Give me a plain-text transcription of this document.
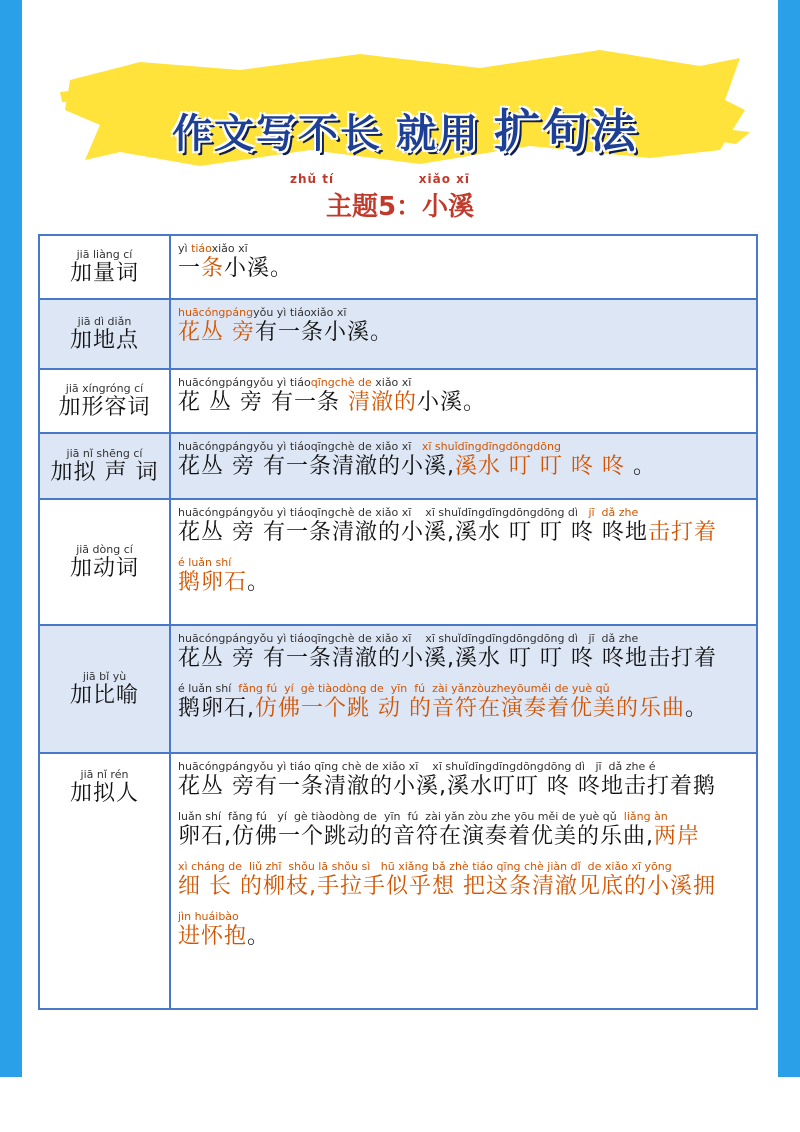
作文写不长 就用 扩句法
zhǔ tí	xiǎo xī
主题5：小溪
jiā liàng cí
加量词
yì tiáoxiǎo xī
一条小溪。
jiā dì diǎn
加地点
huācóngpángyǒu yì tiáoxiǎo xī
花丛 旁有一条小溪。
jiā xíngróng cí
加形容词
huācóngpángyǒu yì tiáoqīngchè de xiǎo xī
花 丛 旁 有一条 清澈的小溪。
jiā nǐ shēng cí
加拟 声 词
huācóngpángyǒu yì tiáoqīngchè de xiǎo xī   xī shuǐdīngdīngdōngdōng
花丛 旁 有一条清澈的小溪,溪水 叮 叮 咚 咚 。
jiā dòng cí
加动词
huācóngpángyǒu yì tiáoqīngchè de xiǎo xī    xī shuǐdīngdīngdōngdōng dì   jī  dǎ zhe
花丛 旁 有一条清澈的小溪,溪水 叮 叮 咚 咚地击打着
é luǎn shí
鹅卵石。
jiā bǐ yù
加比喻
huācóngpángyǒu yì tiáoqīngchè de xiǎo xī    xī shuǐdīngdīngdōngdōng dì   jī  dǎ zhe
花丛 旁 有一条清澈的小溪,溪水 叮 叮 咚 咚地击打着
é luǎn shí  fǎng fú  yí  gè tiàodòng de  yīn  fú  zài yǎnzòuzheyōuměi de yuè qǔ
鹅卵石,仿佛一个跳 动 的音符在演奏着优美的乐曲。
jiā nǐ rén
加拟人
huācóngpángyǒu yì tiáo qīng chè de xiǎo xī    xī shuǐdīngdīngdōngdōng dì   jī  dǎ zhe é
花丛 旁有一条清澈的小溪,溪水叮叮 咚 咚地击打着鹅
luǎn shí  fǎng fú   yí  gè tiàodòng de  yīn  fú  zài yǎn zòu zhe yōu měi de yuè qǔ  liǎng àn
卵石,仿佛一个跳动的音符在演奏着优美的乐曲,两岸
xì cháng de  liǔ zhī  shǒu lā shǒu sì   hū xiǎng bǎ zhè tiáo qīng chè jiàn dǐ  de xiǎo xī yōng
细 长 的柳枝,手拉手似乎想 把这条清澈见底的小溪拥
jìn huáibào
进怀抱。
